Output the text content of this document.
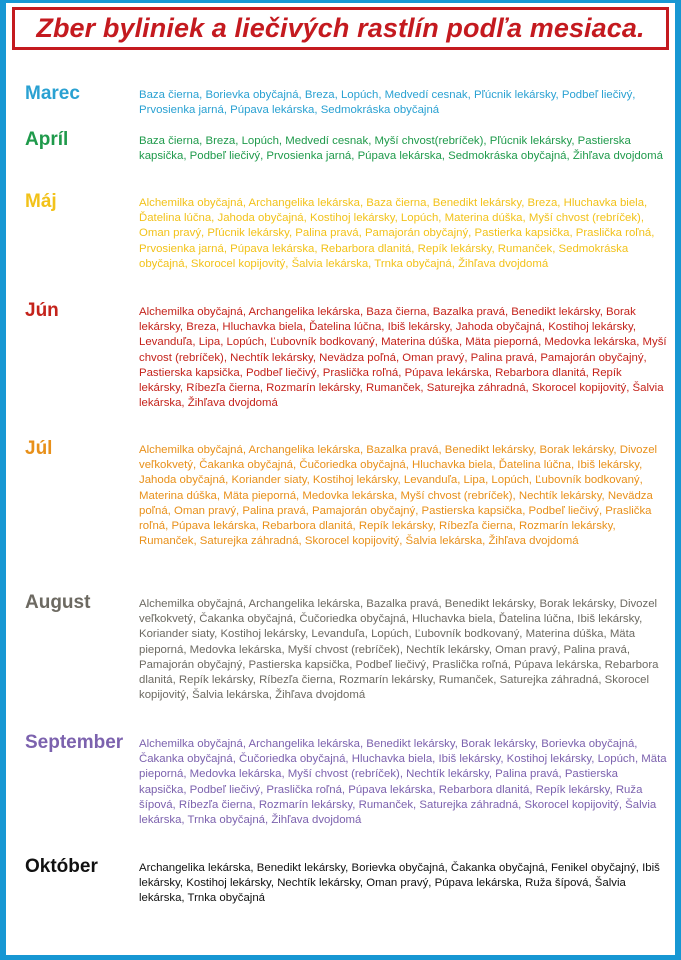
Zber byliniek a liečivých rastlín podľa mesiaca.
Marec	Baza čierna, Borievka obyčajná, Breza, Lopúch, Medvedí cesnak, Pľúcnik lekársky, Podbeľ liečivý, Prvosienka jarná, Púpava lekárska, Sedmokráska obyčajná
Apríl	Baza čierna, Breza, Lopúch, Medvedí cesnak, Myší chvost(rebríček), Pľúcnik lekársky, Pastierska kapsička, Podbeľ liečivý, Prvosienka jarná, Púpava lekárska, Sedmokráska obyčajná, Žihľava dvojdomá
Máj	Alchemilka obyčajná, Archangelika lekárska, Baza čierna, Benedikt lekársky, Breza, Hluchavka biela, Ďatelina lúčna, Jahoda obyčajná, Kostihoj lekársky, Lopúch, Materina dúška, Myší chvost (rebríček), Oman pravý, Pľúcnik lekársky, Palina pravá, Pamajorán obyčajný, Pastierka kapsička, Praslička roľná, Prvosienka jarná, Púpava lekárska, Rebarbora dlanitá, Repík lekársky, Rumanček, Sedmokráska obyčajná, Skorocel kopijovitý, Šalvia lekárska, Trnka obyčajná, Žihľava dvojdomá
Jún	Alchemilka obyčajná, Archangelika lekárska, Baza čierna, Bazalka pravá, Benedikt lekársky, Borak lekársky, Breza, Hluchavka biela, Ďatelina lúčna, Ibiš lekársky, Jahoda obyčajná, Kostihoj lekársky, Levanduľa, Lipa, Lopúch, Ľubovník bodkovaný, Materina dúška, Mäta pieporná, Medovka lekárska, Myší chvost (rebríček), Nechtík lekársky, Nevädza poľná, Oman pravý, Palina pravá, Pamajorán obyčajný, Pastierska kapsička, Podbeľ liečivý, Praslička roľná, Púpava lekárska, Rebarbora dlanitá, Repík lekársky, Ríbezľa čierna, Rozmarín lekársky, Rumanček, Saturejka záhradná, Skorocel kopijovitý, Šalvia lekárska, Žihľava dvojdomá
Júl	Alchemilka obyčajná, Archangelika lekárska, Bazalka pravá, Benedikt lekársky, Borak lekársky, Divozel veľkokvetý, Čakanka obyčajná, Čučoriedka obyčajná, Hluchavka biela, Ďatelina lúčna, Ibiš lekársky, Jahoda obyčajná, Koriander siaty, Kostihoj lekársky, Levanduľa, Lipa, Lopúch, Ľubovník bodkovaný, Materina dúška, Mäta pieporná, Medovka lekárska, Myší chvost (rebríček), Nechtík lekársky, Nevädza poľná, Oman pravý, Palina pravá, Pamajorán obyčajný, Pastierska kapsička, Podbeľ liečivý, Praslička roľná, Púpava lekárska, Rebarbora dlanitá, Repík lekársky, Ríbezľa čierna, Rozmarín lekársky, Rumanček, Saturejka záhradná, Skorocel kopijovitý, Šalvia lekárska, Žihľava dvojdomá
August	Alchemilka obyčajná, Archangelika lekárska, Bazalka pravá, Benedikt lekársky, Borak lekársky, Divozel veľkokvetý, Čakanka obyčajná, Čučoriedka obyčajná, Hluchavka biela, Ďatelina lúčna, Ibiš lekársky, Koriander siaty, Kostihoj lekársky, Levanduľa, Lopúch, Ľubovník bodkovaný, Materina dúška, Mäta pieporná, Medovka lekárska, Myší chvost (rebríček), Nechtík lekársky, Oman pravý, Palina pravá, Pamajorán obyčajný, Pastierska kapsička, Podbeľ liečivý, Praslička roľná, Púpava lekárska, Rebarbora dlanitá, Repík lekársky, Ríbezľa čierna, Rozmarín lekársky, Rumanček, Saturejka záhradná, Skorocel kopijovitý, Šalvia lekárska, Žihľava dvojdomá
September Alchemilka obyčajná, Archangelika lekárska, Benedikt lekársky, Borak lekársky, Borievka obyčajná, Čakanka obyčajná, Čučoriedka obyčajná, Hluchavka biela, Ibiš lekársky, Kostihoj lekársky, Lopúch, Mäta pieporná, Medovka lekárska, Myší chvost (rebríček), Nechtík lekársky, Palina pravá, Pastierska kapsička, Podbeľ liečivý, Praslička roľná, Púpava lekárska, Rebarbora dlanitá, Repík lekársky, Ruža šípová, Ríbezľa čierna, Rozmarín lekársky, Rumanček, Saturejka záhradná, Skorocel kopijovitý, Šalvia lekárska, Trnka obyčajná, Žihľava dvojdomá
Október	Archangelika lekárska, Benedikt lekársky, Borievka obyčajná, Čakanka obyčajná, Fenikel obyčajný, Ibiš lekársky, Kostihoj lekársky, Nechtík lekársky, Oman pravý, Púpava lekárska, Ruža šípová, Šalvia lekárska, Trnka obyčajná
